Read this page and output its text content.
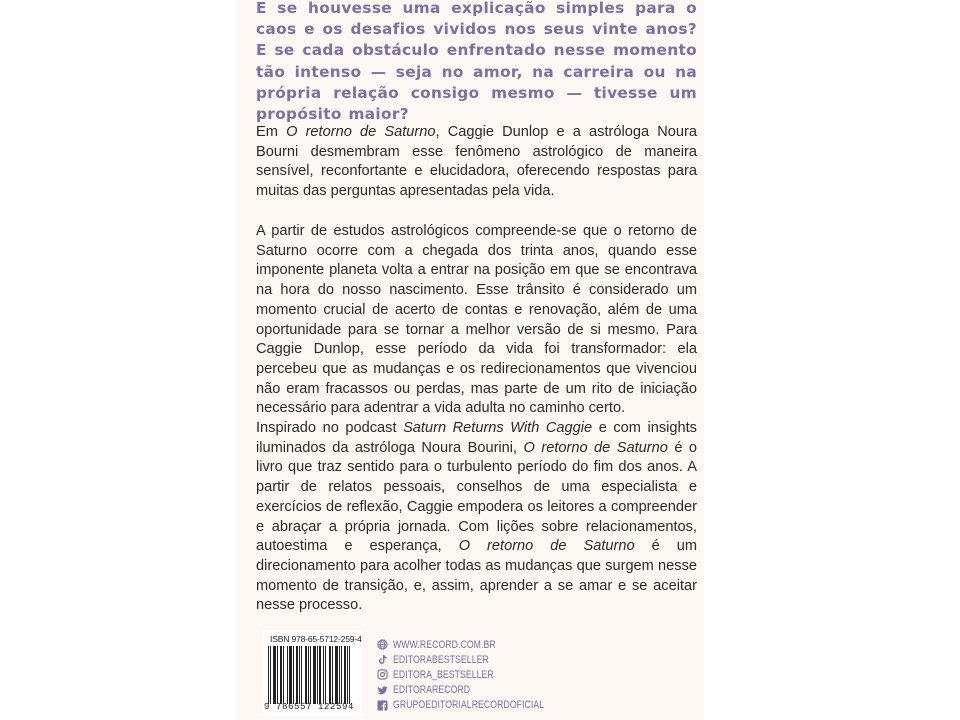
E se houvesse uma explicação simples para o caos e os desafios vividos nos seus vinte anos? E se cada obstáculo enfrentado nesse momento tão intenso — seja no amor, na carreira ou na própria relação consigo mesmo — tivesse um propósito maior?

Em O retorno de Saturno, Caggie Dunlop e a astróloga Noura Bourni desmembram esse fenômeno astrológico de maneira sensível, reconfortante e elucidadora, oferecendo respostas para muitas das perguntas apresentadas pela vida.

A partir de estudos astrológicos compreende-se que o retorno de Saturno ocorre com a chegada dos trinta anos, quando esse imponente planeta volta a entrar na posição em que se encontrava na hora do nosso nascimento. Esse trânsito é considerado um momento crucial de acerto de contas e renovação, além de uma oportunidade para se tornar a melhor versão de si mesmo. Para Caggie Dunlop, esse período da vida foi transformador: ela percebeu que as mudanças e os redirecionamentos que vivenciou não eram fracassos ou perdas, mas parte de um rito de iniciação necessário para adentrar a vida adulta no caminho certo.

Inspirado no podcast Saturn Returns With Caggie e com insights iluminados da astróloga Noura Bourini, O retorno de Saturno é o livro que traz sentido para o turbulento período do fim dos anos. A partir de relatos pessoais, conselhos de uma especialista e exercícios de reflexão, Caggie empodera os leitores a compreender e abraçar a própria jornada. Com lições sobre relacionamentos, autoestima e esperança, O retorno de Saturno é um direcionamento para acolher todas as mudanças que surgem nesse momento de transição, e, assim, aprender a se amar e se aceitar nesse processo.

ISBN 978-65-5712-259-4
9 786557 122594
WWW.RECORD.COM.BR
EDITORABESTSELLER
EDITORA_BESTSELLER
EDITORARECORD
GRUPOEDITORIALRECORDOFICIAL
